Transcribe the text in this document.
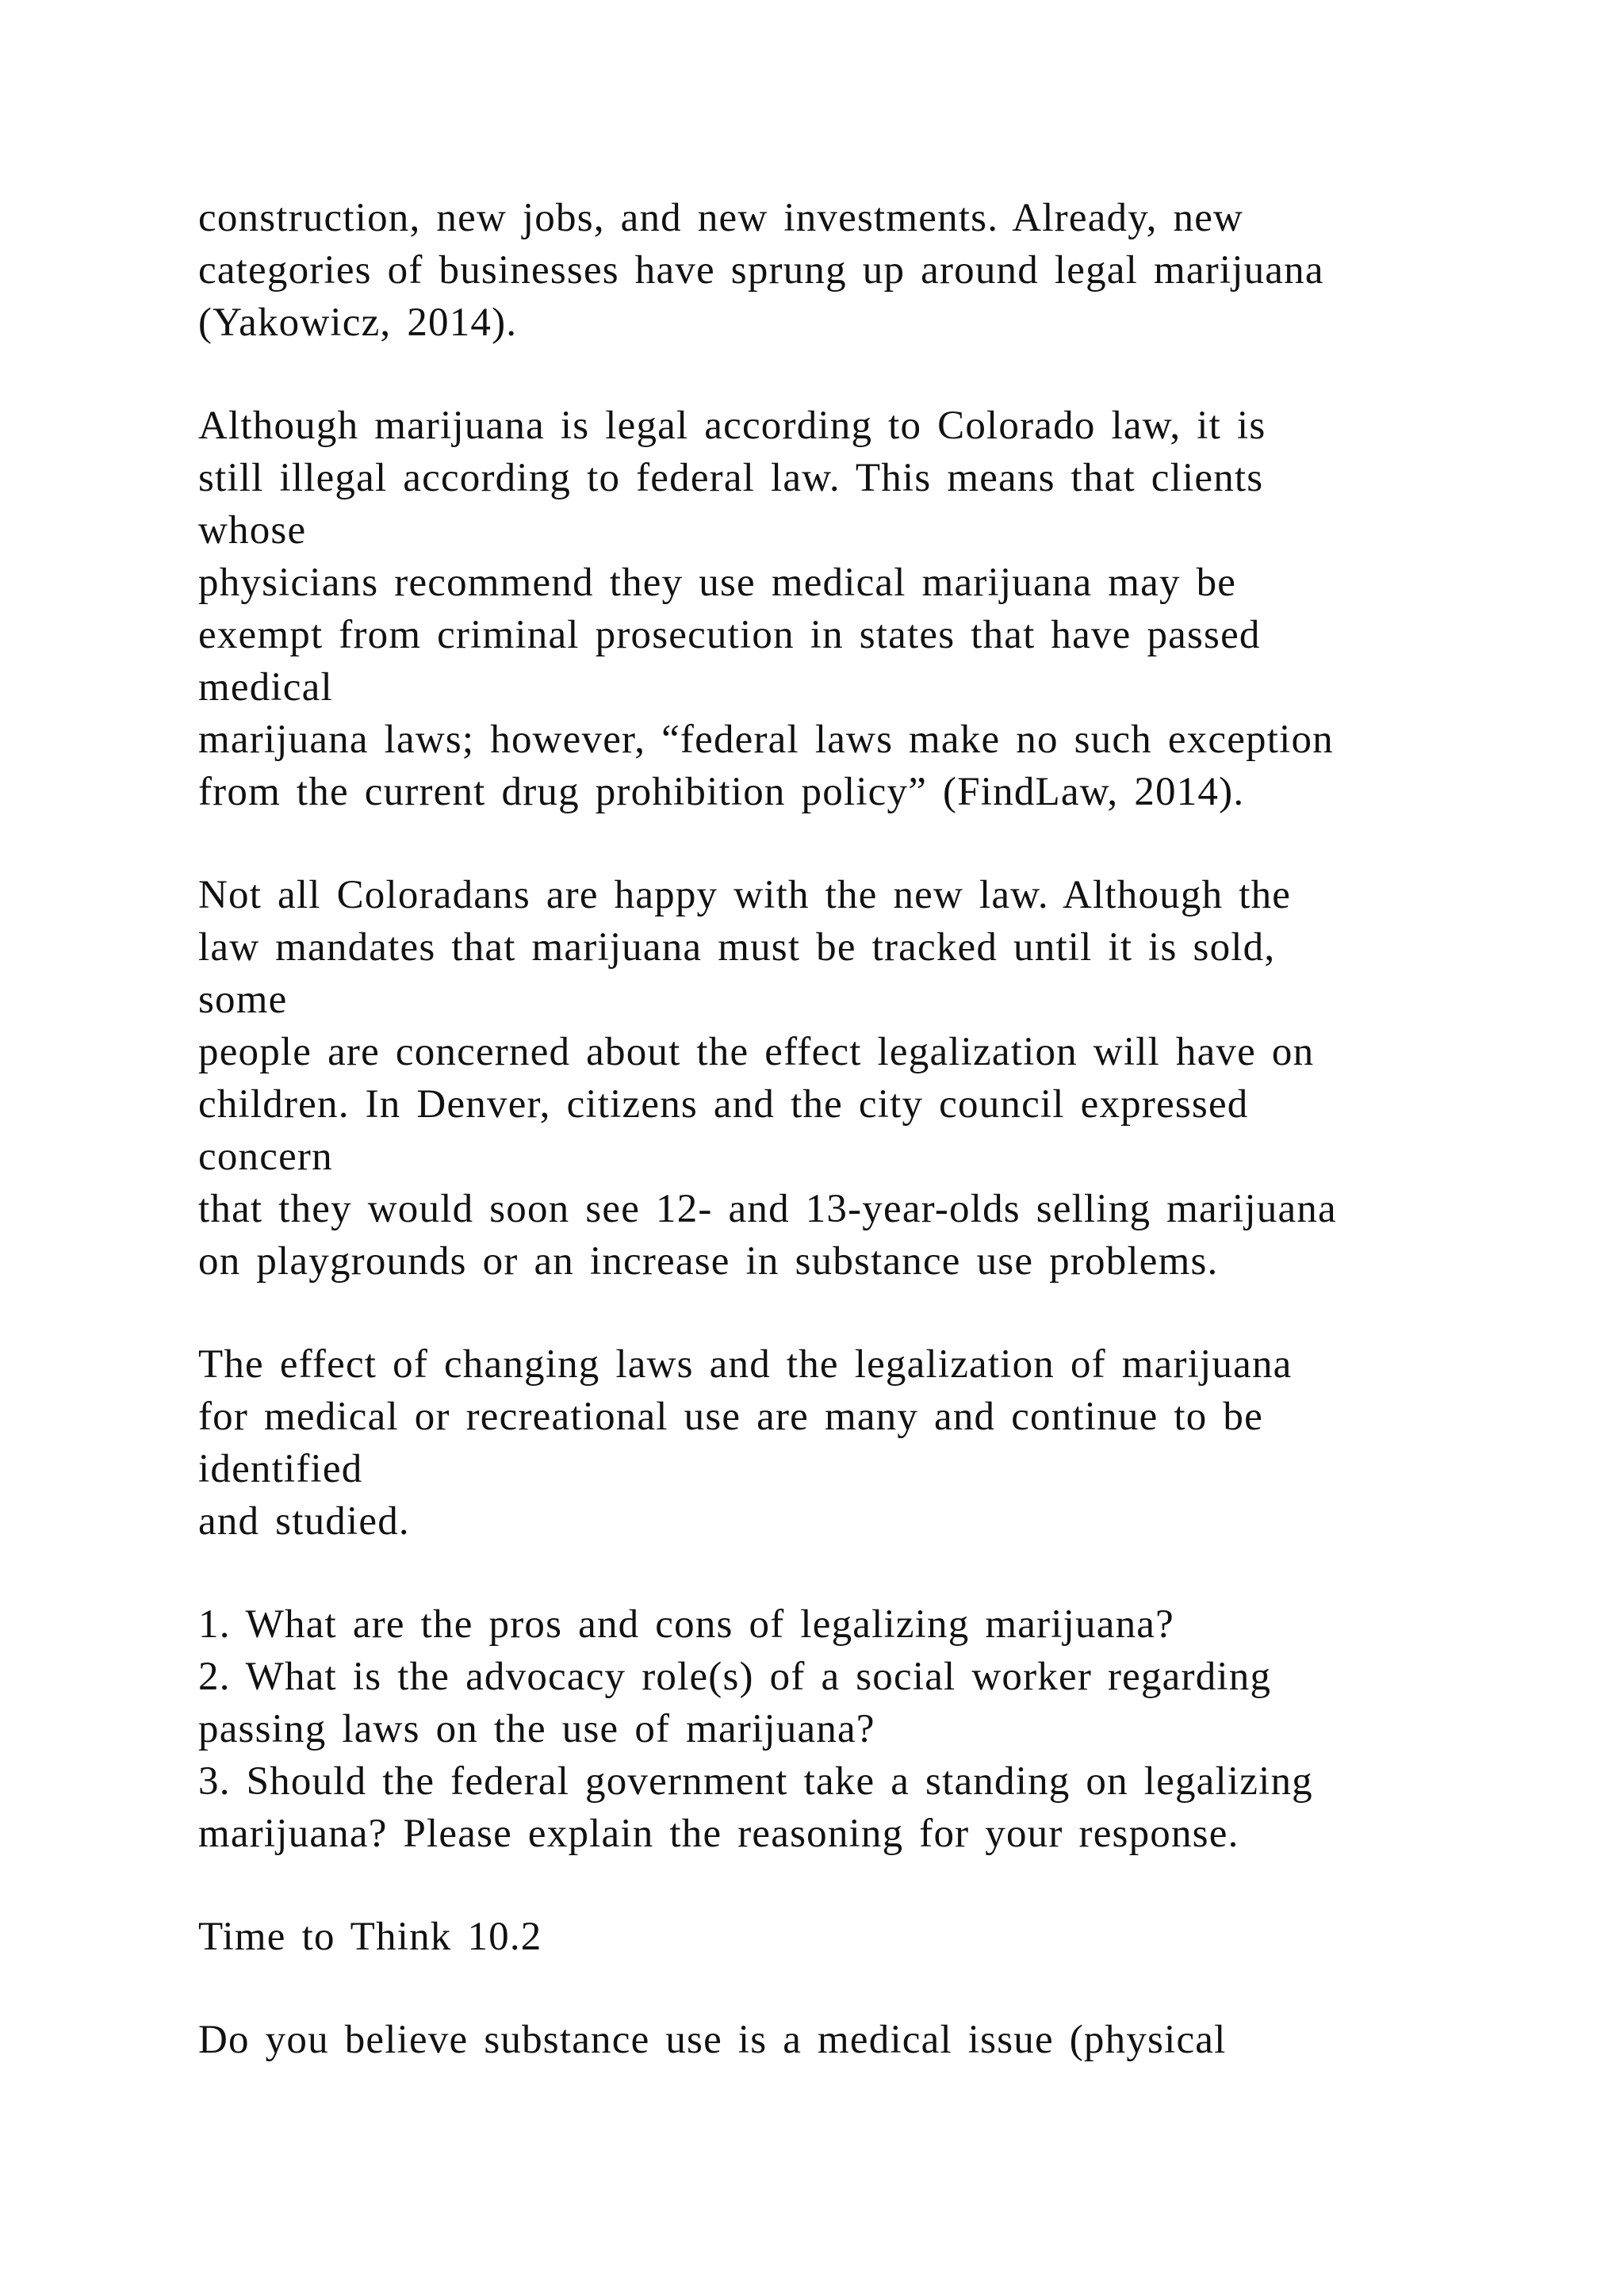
construction, new jobs, and new investments. Already, new
categories of businesses have sprung up around legal marijuana
(Yakowicz, 2014).
Although marijuana is legal according to Colorado law, it is
still illegal according to federal law. This means that clients
whose
physicians recommend they use medical marijuana may be
exempt from criminal prosecution in states that have passed
medical
marijuana laws; however, “federal laws make no such exception
from the current drug prohibition policy” (FindLaw, 2014).
Not all Coloradans are happy with the new law. Although the
law mandates that marijuana must be tracked until it is sold,
some
people are concerned about the effect legalization will have on
children. In Denver, citizens and the city council expressed
concern
that they would soon see 12- and 13-year-olds selling marijuana
on playgrounds or an increase in substance use problems.
The effect of changing laws and the legalization of marijuana
for medical or recreational use are many and continue to be
identified
and studied.
1. What are the pros and cons of legalizing marijuana?
2. What is the advocacy role(s) of a social worker regarding
passing laws on the use of marijuana?
3. Should the federal government take a standing on legalizing
marijuana? Please explain the reasoning for your response.
Time to Think 10.2
Do you believe substance use is a medical issue (physical
